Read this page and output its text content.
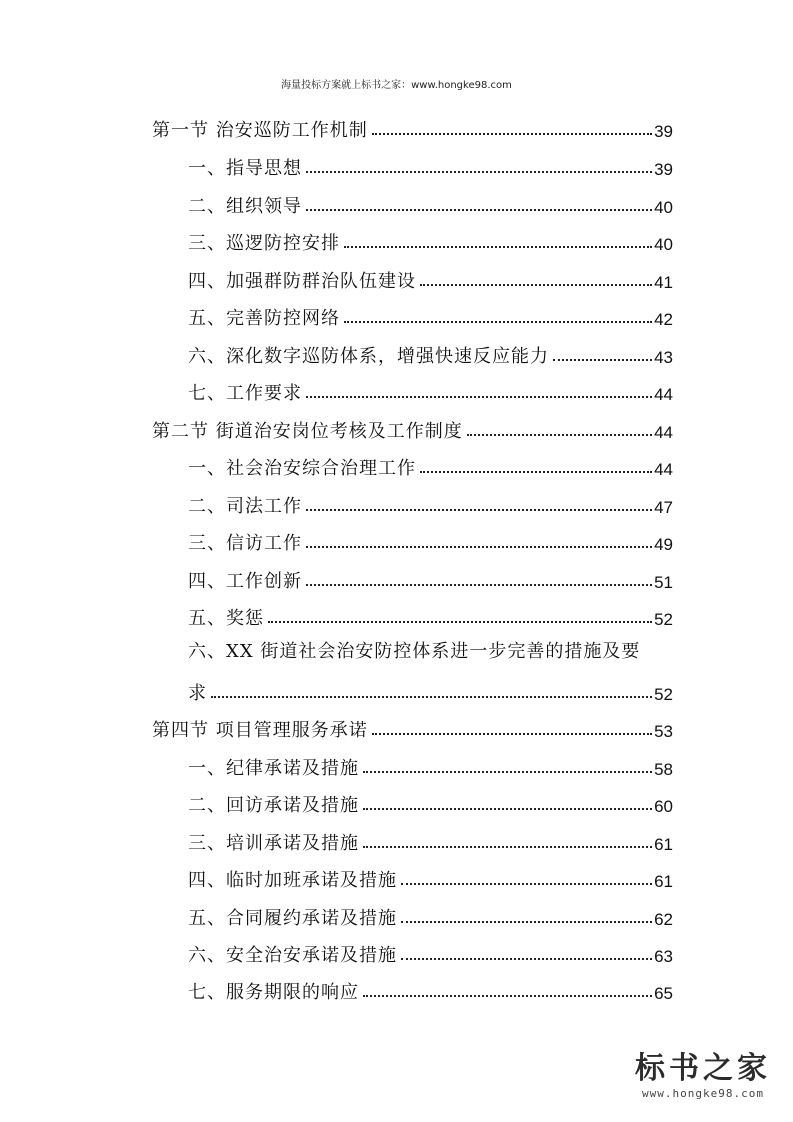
海量投标方案就上标书之家：www.hongke98.com
第一节 治安巡防工作机制	39
一、指导思想	39
二、组织领导	40
三、巡逻防控安排	40
四、加强群防群治队伍建设	41
五、完善防控网络	42
六、深化数字巡防体系，增强快速反应能力	43
七、工作要求	44
第二节 街道治安岗位考核及工作制度	44
一、社会治安综合治理工作	44
二、司法工作	47
三、信访工作	49
四、工作创新	51
五、奖惩	52
六、XX 街道社会治安防控体系进一步完善的措施及要
求	52
第四节 项目管理服务承诺	53
一、纪律承诺及措施	58
二、回访承诺及措施	60
三、培训承诺及措施	61
四、临时加班承诺及措施	61
五、合同履约承诺及措施	62
六、安全治安承诺及措施	63
七、服务期限的响应	65
标书之家
www.hongke98.com
